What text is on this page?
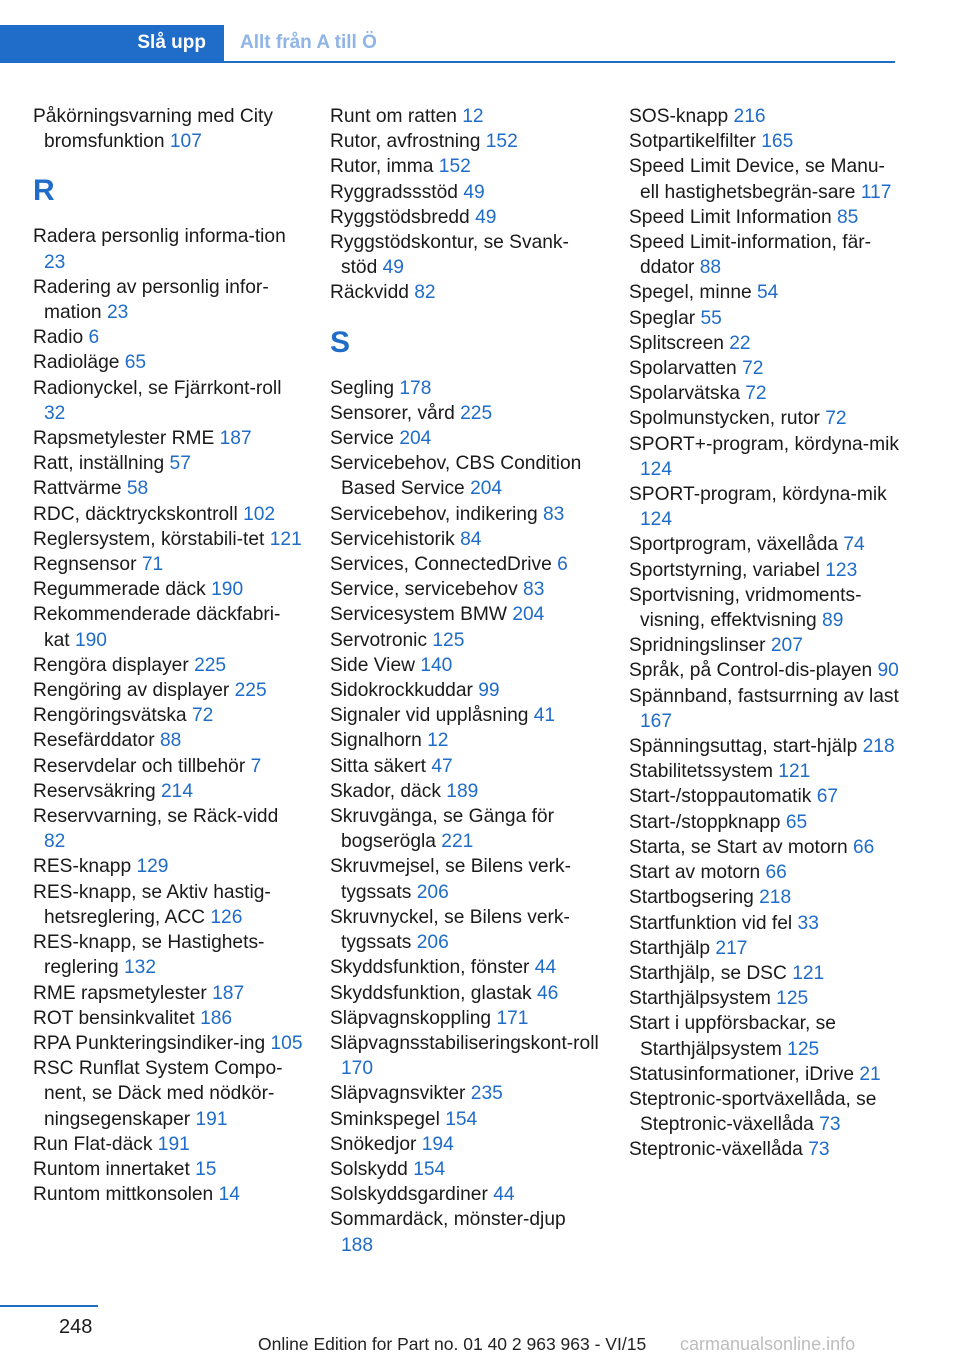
Slå upp	Allt från A till Ö
Påkörningsvarning med City bromsfunktion 107
R
Radera personlig informa‐tion 23
Radering av personlig infor‐mation 23
Radio 6
Radioläge 65
Radionyckel, se Fjärrkont‐roll 32
Rapsmetylester RME 187
Ratt, inställning 57
Rattvärme 58
RDC, däcktryckskontroll 102
Reglersystem, körstabili‐tet 121
Regnsensor 71
Regummerade däck 190
Rekommenderade däckfabri‐kat 190
Rengöra displayer 225
Rengöring av displayer 225
Rengöringsvätska 72
Resefärddator 88
Reservdelar och tillbehör 7
Reservsäkring 214
Reservvarning, se Räck‐vidd 82
RES-knapp 129
RES-knapp, se Aktiv hastig‐hetsreglering, ACC 126
RES-knapp, se Hastighets‐reglering 132
RME rapsmetylester 187
ROT bensinkvalitet 186
RPA Punkteringsindiker‐ing 105
RSC Runflat System Compo‐nent, se Däck med nödkör‐ningsegenskaper 191
Run Flat-däck 191
Runtom innertaket 15
Runtom mittkonsolen 14
Runt om ratten 12
Rutor, avfrostning 152
Rutor, imma 152
Ryggradssstöd 49
Ryggstödsbredd 49
Ryggstödskontur, se Svank‐stöd 49
Räckvidd 82
S
Segling 178
Sensorer, vård 225
Service 204
Servicebehov, CBS Condition Based Service 204
Servicebehov, indikering 83
Servicehistorik 84
Services, ConnectedDrive 6
Service, servicebehov 83
Servicesystem BMW 204
Servotronic 125
Side View 140
Sidokrockkuddar 99
Signaler vid upplåsning 41
Signalhorn 12
Sitta säkert 47
Skador, däck 189
Skruvgänga, se Gänga för bogserögla 221
Skruvmejsel, se Bilens verk‐tygssats 206
Skruvnyckel, se Bilens verk‐tygssats 206
Skyddsfunktion, fönster 44
Skyddsfunktion, glastak 46
Släpvagnskoppling 171
Släpvagnsstabiliseringskont‐roll 170
Släpvagnsvikter 235
Sminkspegel 154
Snökedjor 194
Solskydd 154
Solskyddsgardiner 44
Sommardäck, mönster‐djup 188
SOS-knapp 216
Sotpartikelfilter 165
Speed Limit Device, se Manu‐ell hastighetsbegrän‐sare 117
Speed Limit Information 85
Speed Limit-information, fär‐ddator 88
Spegel, minne 54
Speglar 55
Splitscreen 22
Spolarvatten 72
Spolarvätska 72
Spolmunstycken, rutor 72
SPORT+-program, kördyna‐mik 124
SPORT-program, kördyna‐mik 124
Sportprogram, växellåda 74
Sportstyrning, variabel 123
Sportvisning, vridmoments‐visning, effektvisning 89
Spridningslinser 207
Språk, på Control-dis‐playen 90
Spännband, fastsurrning av last 167
Spänningsuttag, start‐hjälp 218
Stabilitetssystem 121
Start-/stoppautomatik 67
Start-/stoppknapp 65
Starta, se Start av motorn 66
Start av motorn 66
Startbogsering 218
Startfunktion vid fel 33
Starthjälp 217
Starthjälp, se DSC 121
Starthjälpsystem 125
Start i uppförsbackar, se Starthjälpsystem 125
Statusinformationer, iDrive 21
Steptronic-sportväxellåda, se Steptronic-växellåda 73
Steptronic-växellåda 73
248
Online Edition for Part no. 01 40 2 963 963 - VI/15 carmanualsonline.info
